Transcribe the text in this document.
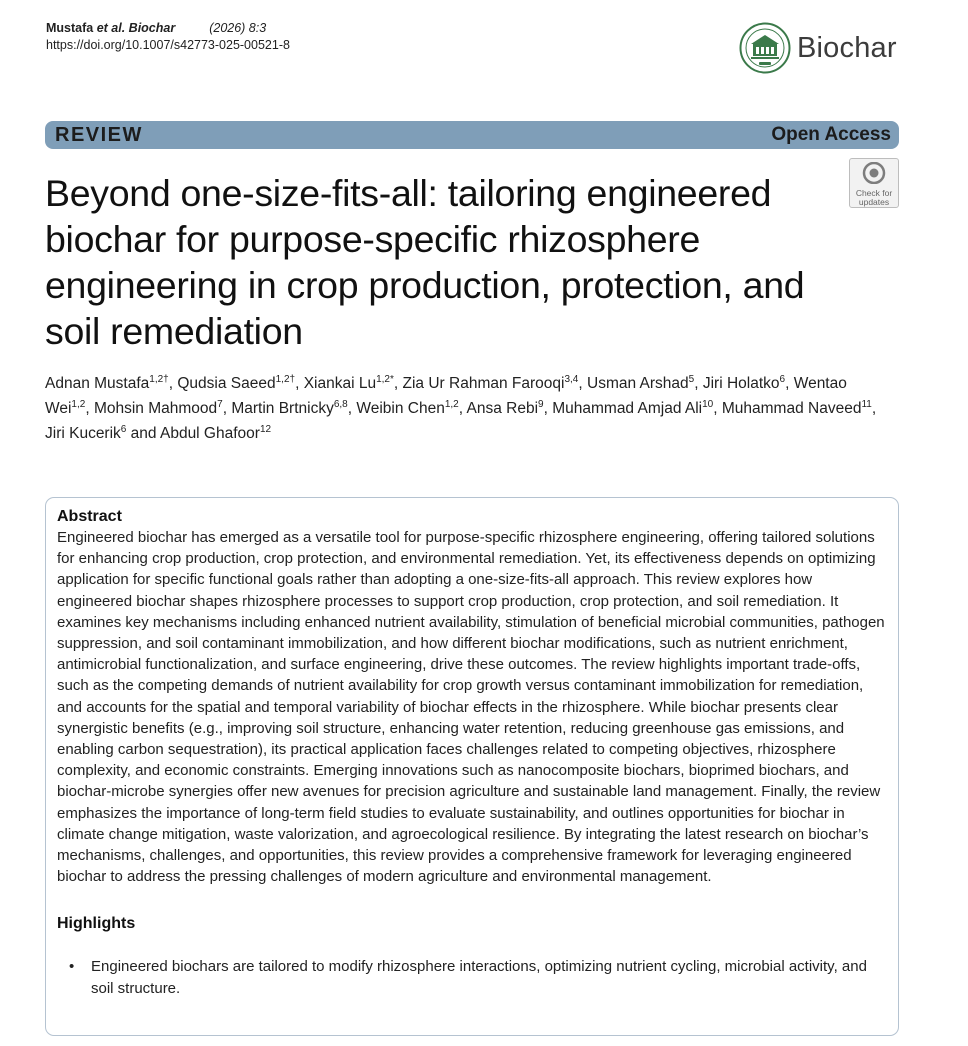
Mustafa et al. Biochar	(2026) 8:3
https://doi.org/10.1007/s42773-025-00521-8	Biochar
REVIEW	Open Access
Beyond one-size-fits-all: tailoring engineered biochar for purpose-specific rhizosphere engineering in crop production, protection, and soil remediation
Check for
updates

Adnan Mustafa$^{1,2\dagger}$, Qudsia Saeed$^{1,2\dagger}$, Xiankai $Lu^{1,2*}$, Zia Ur Rahman Farooqi$^{3,4}$, Usman Arshad$^5$, Jiri Holatko$^6$, Wentao Wei$^{1,2}$, Mohsin Mahmood$^7$, Martin Brtnicky$^{6,8}$, Weibin Chen$^{1,2}$, Ansa Rebi$^9$, Muhammad Amjad Ali$^{10}$, Muhammad Naveed$^{11}$, Jiri Kucerik$^6$ and Abdul Ghafoor$^{12}$

Abstract

Engineered biochar has emerged as a versatile tool for purpose-specific rhizosphere engineering, offering tailored solutions for enhancing crop production, crop protection, and environmental remediation. Yet, its effectiveness depends on optimizing application for specific functional goals rather than adopting a one-size-fits-all approach. This review explores how engineered biochar shapes rhizosphere processes to support crop production, crop protection, and soil remediation. It examines key mechanisms including enhanced nutrient availability, stimulation of beneficial microbial communities, pathogen suppression, and soil contaminant immobilization, and how different biochar modifications, such as nutrient enrichment, antimicrobial functionalization, and surface engineering, drive these outcomes. The review highlights important trade-offs, such as the competing demands of nutrient availability for crop growth versus contaminant immobilization for remediation, and accounts for the spatial and temporal variability of biochar effects in the rhizosphere. While biochar presents clear synergistic benefits (e.g., improving soil structure, enhancing water retention, reducing greenhouse gas emissions, and enabling carbon sequestration), its practical application faces challenges related to competing objectives, rhizosphere complexity, and economic constraints. Emerging innovations such as nanocomposite biochars, bioprimed biochars, and biochar-microbe synergies offer new avenues for precision agriculture and sustainable land management. Finally, the review emphasizes the importance of long-term field studies to evaluate sustainability, and outlines opportunities for biochar in climate change mitigation, waste valorization, and agroecological resilience. By integrating the latest research on biochar’s mechanisms, challenges, and opportunities, this review provides a comprehensive framework for leveraging engineered biochar to address the pressing challenges of modern agriculture and environmental management.

Highlights
•	Engineered biochars are tailored to modify rhizosphere interactions, optimizing nutrient cycling, microbial activity, and soil structure.
